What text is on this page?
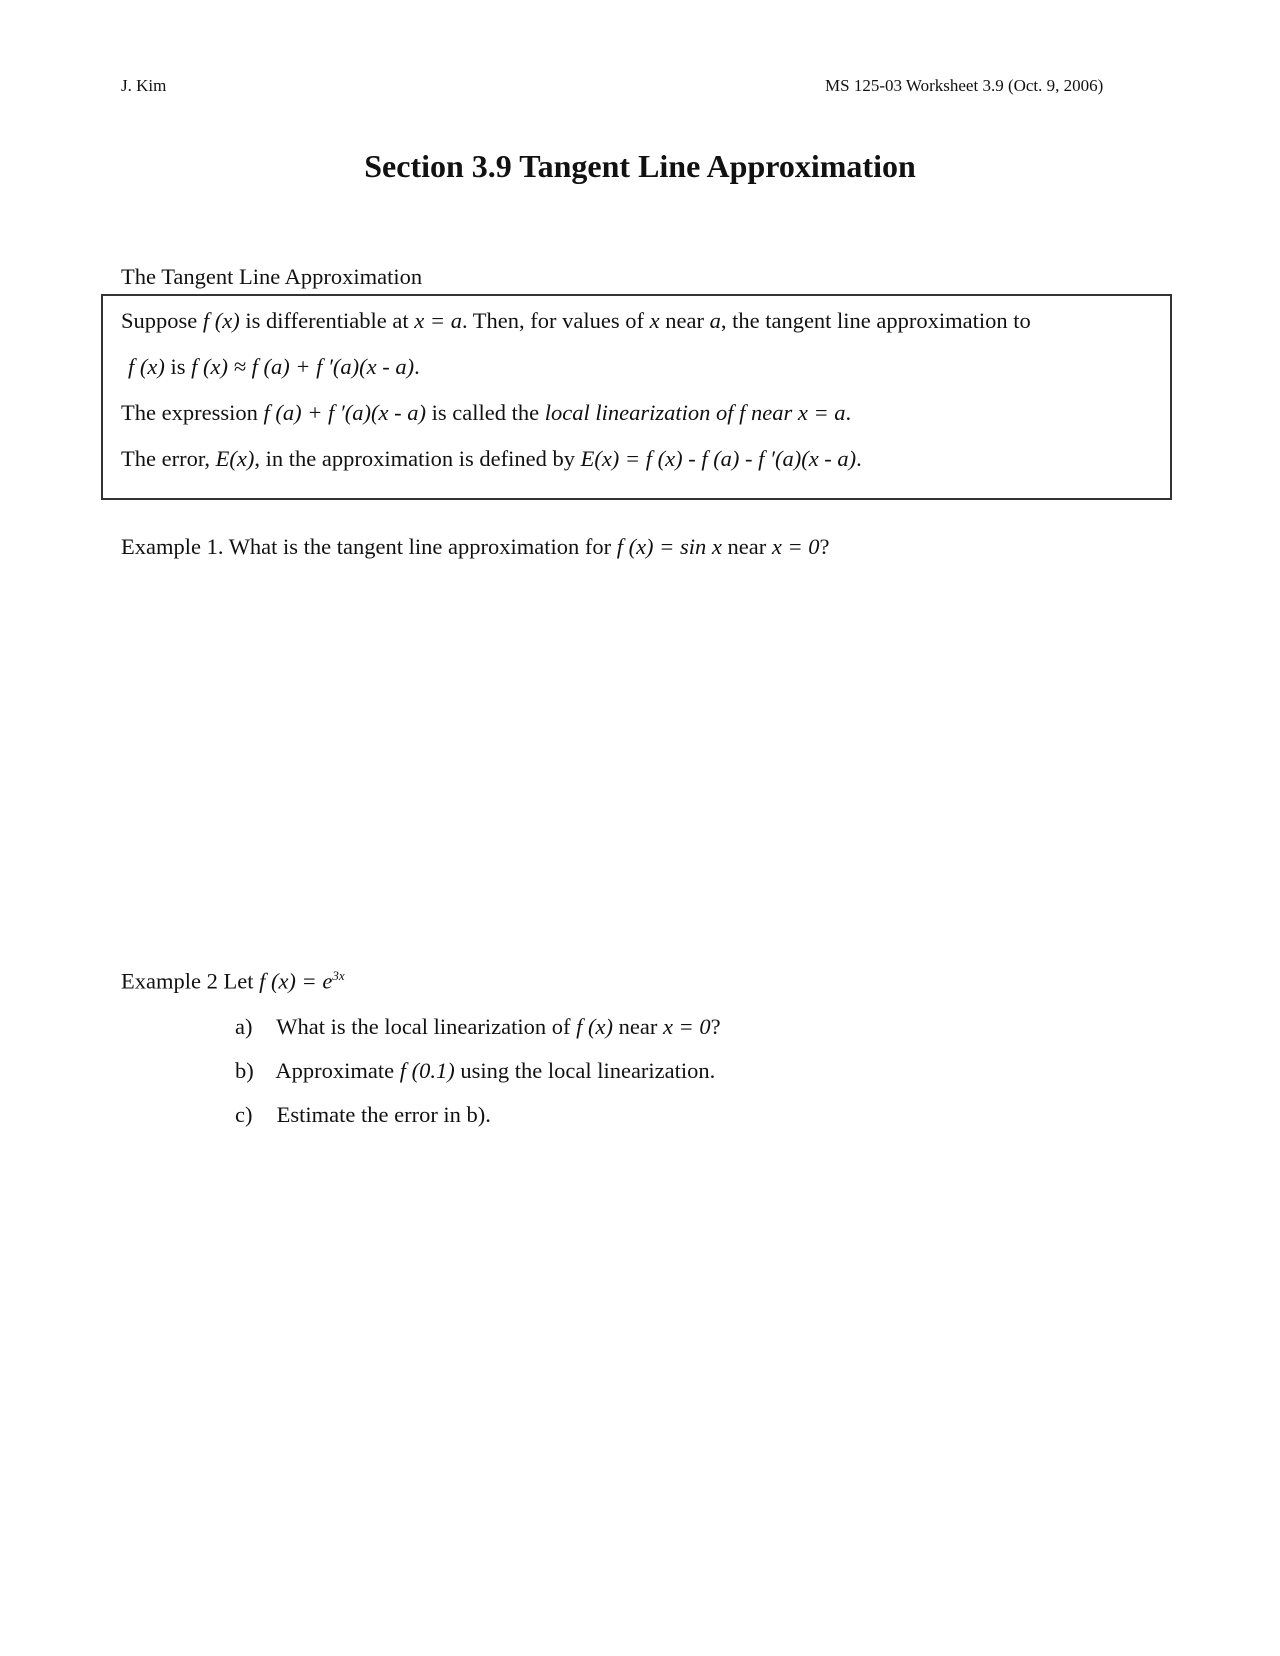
J. Kim	MS 125-03 Worksheet 3.9 (Oct. 9, 2006)
Section 3.9 Tangent Line Approximation
The Tangent Line Approximation
Suppose f (x) is differentiable at x = a. Then, for values of x near a, the tangent line approximation to
f (x) is f (x) ≈ f (a) + f ′(a)(x - a).
The expression f (a) + f ′(a)(x - a) is called the local linearization of f near x = a.
The error, E(x), in the approximation is defined by E(x) = f (x) - f (a) - f ′(a)(x - a).
Example 1. What is the tangent line approximation for f (x) = sin x near x = 0?
Example 2 Let f $(x) = e^{3x}$
a) What is the local linearization of f (x) near x = 0?
b) Approximate f (0.1) using the local linearization.
c) Estimate the error in b).
